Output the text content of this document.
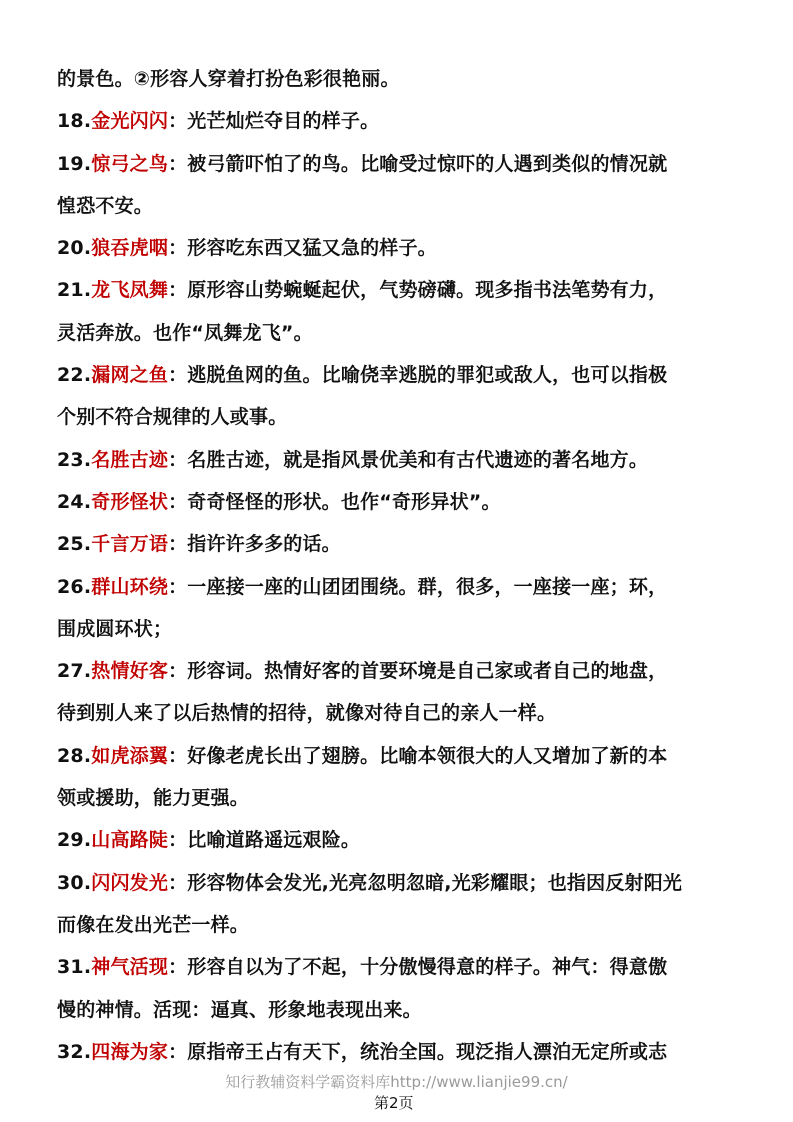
的景色。②形容人穿着打扮色彩很艳丽。
18.金光闪闪：光芒灿烂夺目的样子。
19.惊弓之鸟：被弓箭吓怕了的鸟。比喻受过惊吓的人遇到类似的情况就
惶恐不安。
20.狼吞虎咽：形容吃东西又猛又急的样子。
21.龙飞凤舞：原形容山势蜿蜒起伏，气势磅礴。现多指书法笔势有力，
灵活奔放。也作“凤舞龙飞”。
22.漏网之鱼：逃脱鱼网的鱼。比喻侥幸逃脱的罪犯或敌人，也可以指极
个别不符合规律的人或事。
23.名胜古迹：名胜古迹，就是指风景优美和有古代遗迹的著名地方。
24.奇形怪状：奇奇怪怪的形状。也作“奇形异状”。
25.千言万语：指许许多多的话。
26.群山环绕：一座接一座的山团团围绕。群，很多，一座接一座；环，
围成圆环状；
27.热情好客：形容词。热情好客的首要环境是自己家或者自己的地盘，
待到别人来了以后热情的招待，就像对待自己的亲人一样。
28.如虎添翼：好像老虎长出了翅膀。比喻本领很大的人又增加了新的本
领或援助，能力更强。
29.山高路陡：比喻道路遥远艰险。
30.闪闪发光：形容物体会发光,光亮忽明忽暗,光彩耀眼；也指因反射阳光
而像在发出光芒一样。
31.神气活现：形容自以为了不起，十分傲慢得意的样子。神气：得意傲
慢的神情。活现：逼真、形象地表现出来。
32.四海为家：原指帝王占有天下，统治全国。现泛指人漂泊无定所或志
知行教辅资料学霸资料库http://www.lianjie99.cn/
第2页
